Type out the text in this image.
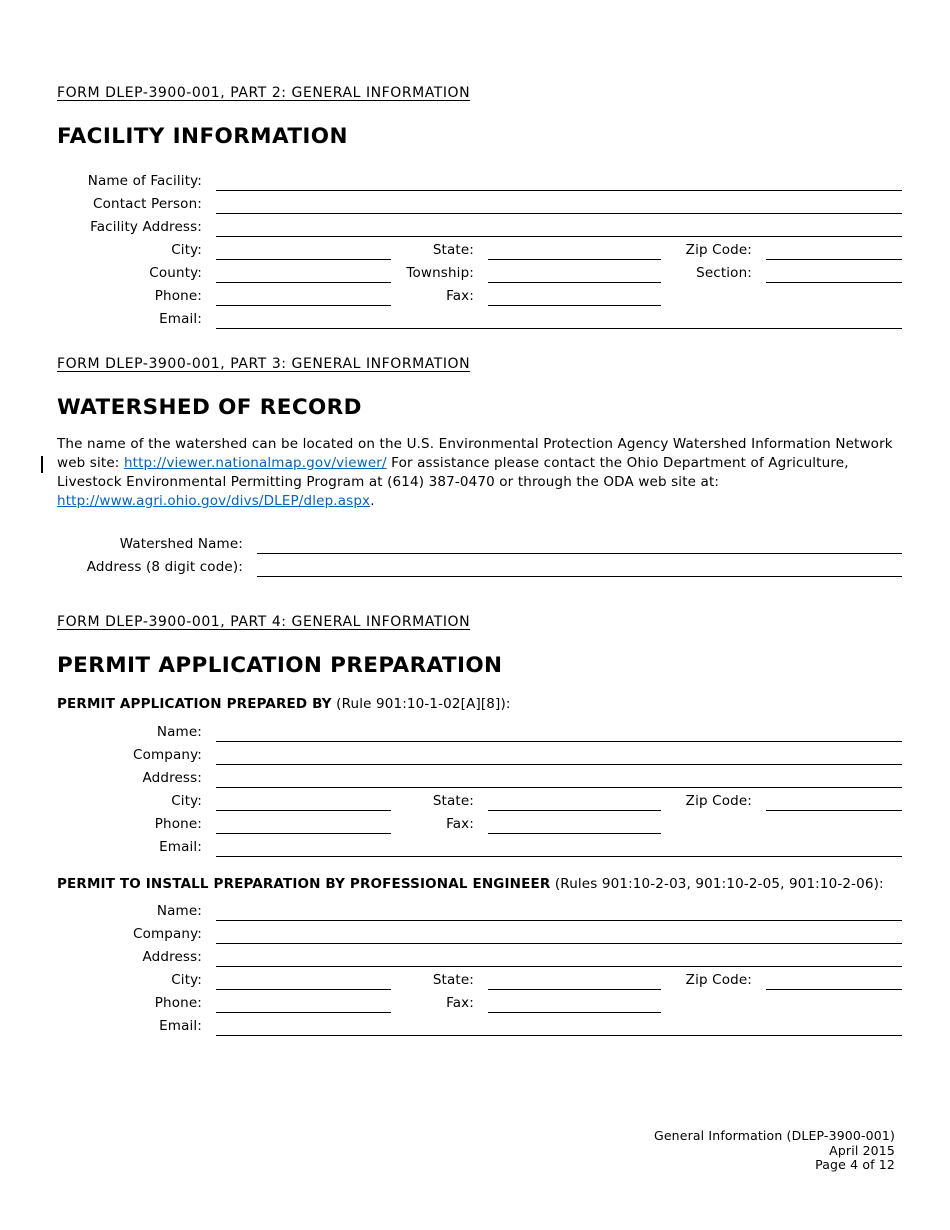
FORM DLEP-3900-001, PART 2: GENERAL INFORMATION
FACILITY INFORMATION
Name of Facility:
Contact Person:
Facility Address:
City:	State:	Zip Code:
County:	Township:	Section:
Phone:	Fax:
Email:
FORM DLEP-3900-001, PART 3: GENERAL INFORMATION
WATERSHED OF RECORD

The name of the watershed can be located on the U.S. Environmental Protection Agency Watershed Information Network web site: http://viewer.nationalmap.gov/viewer/ For assistance please contact the Ohio Department of Agriculture, Livestock Environmental Permitting Program at (614) 387-0470 or through the ODA web site at: http://www.agri.ohio.gov/divs/DLEP/dlep.aspx.

Watershed Name:
Address (8 digit code):
FORM DLEP-3900-001, PART 4: GENERAL INFORMATION
PERMIT APPLICATION PREPARATION
PERMIT APPLICATION PREPARED BY (Rule 901:10-1-02[A][8]):
Name:
Company:
Address:
City:	State:	Zip Code:
Phone:	Fax:
Email:
PERMIT TO INSTALL PREPARATION BY PROFESSIONAL ENGINEER (Rules 901:10-2-03, 901:10-2-05, 901:10-2-06):
Name:
Company:
Address:
City:	State:	Zip Code:
Phone:	Fax:
Email:
General Information (DLEP-3900-001)
April 2015
Page 4 of 12
